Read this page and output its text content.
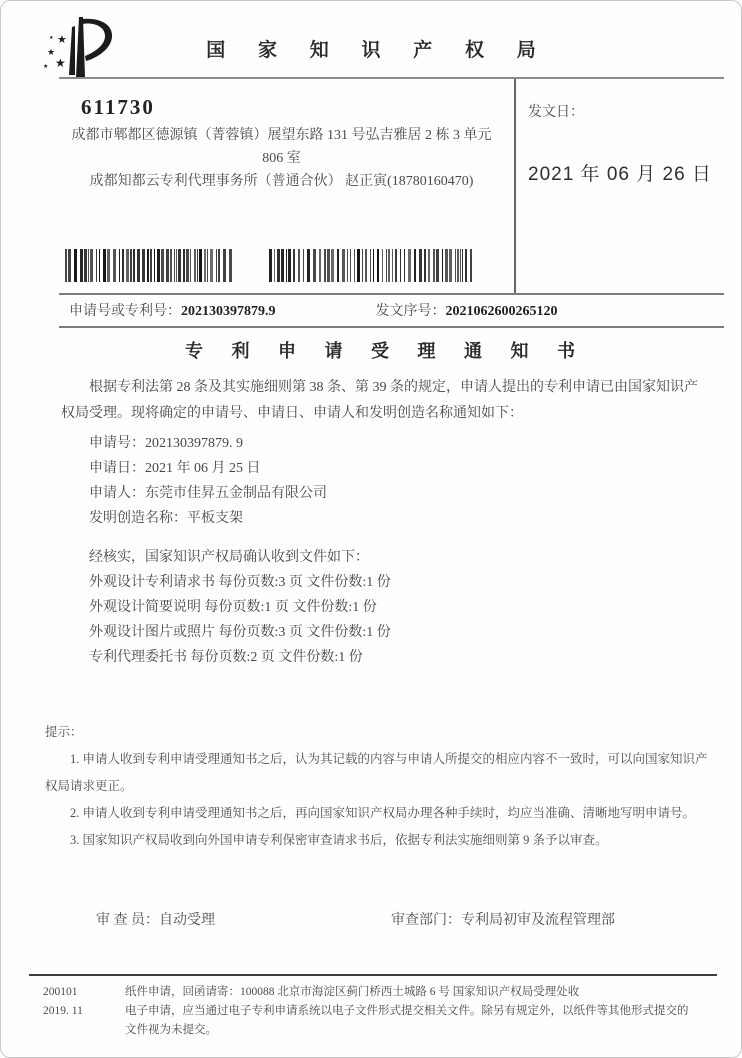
★
★
★
★
★
国 家 知 识 产 权 局
611730
成都市郫都区德源镇（菁蓉镇）展望东路 131 号弘吉雅居 2 栋 3 单元
806 室
成都知都云专利代理事务所（普通合伙） 赵正寅(18780160470)
发文日：
2021 年 06 月 26 日
申请号或专利号：202130397879.9	发文序号：2021062600265120
专 利 申 请 受 理 通 知 书

根据专利法第 28 条及其实施细则第 38 条、第 39 条的规定，申请人提出的专利申请已由国家知识产权局受理。现将确定的申请号、申请日、申请人和发明创造名称通知如下：

申请号：202130397879. 9
申请日：2021 年 06 月 25 日
申请人：东莞市佳昇五金制品有限公司
发明创造名称：平板支架
经核实，国家知识产权局确认收到文件如下：
外观设计专利请求书 每份页数:3 页 文件份数:1 份
外观设计简要说明 每份页数:1 页 文件份数:1 份
外观设计图片或照片 每份页数:3 页 文件份数:1 份
专利代理委托书 每份页数:2 页 文件份数:1 份

提示：

1. 申请人收到专利申请受理通知书之后，认为其记载的内容与申请人所提交的相应内容不一致时，可以向国家知识产权局请求更正。

2. 申请人收到专利申请受理通知书之后，再向国家知识产权局办理各种手续时，均应当准确、清晰地写明申请号。

3. 国家知识产权局收到向外国申请专利保密审查请求书后，依据专利法实施细则第 9 条予以审查。

审 查 员：自动受理	审查部门：专利局初审及流程管理部
200101	纸件申请，回函请寄：100088 北京市海淀区蓟门桥西土城路 6 号 国家知识产权局受理处收
2019. 11	电子申请，应当通过电子专利申请系统以电子文件形式提交相关文件。除另有规定外，以纸件等其他形式提交的文件视为未提交。
